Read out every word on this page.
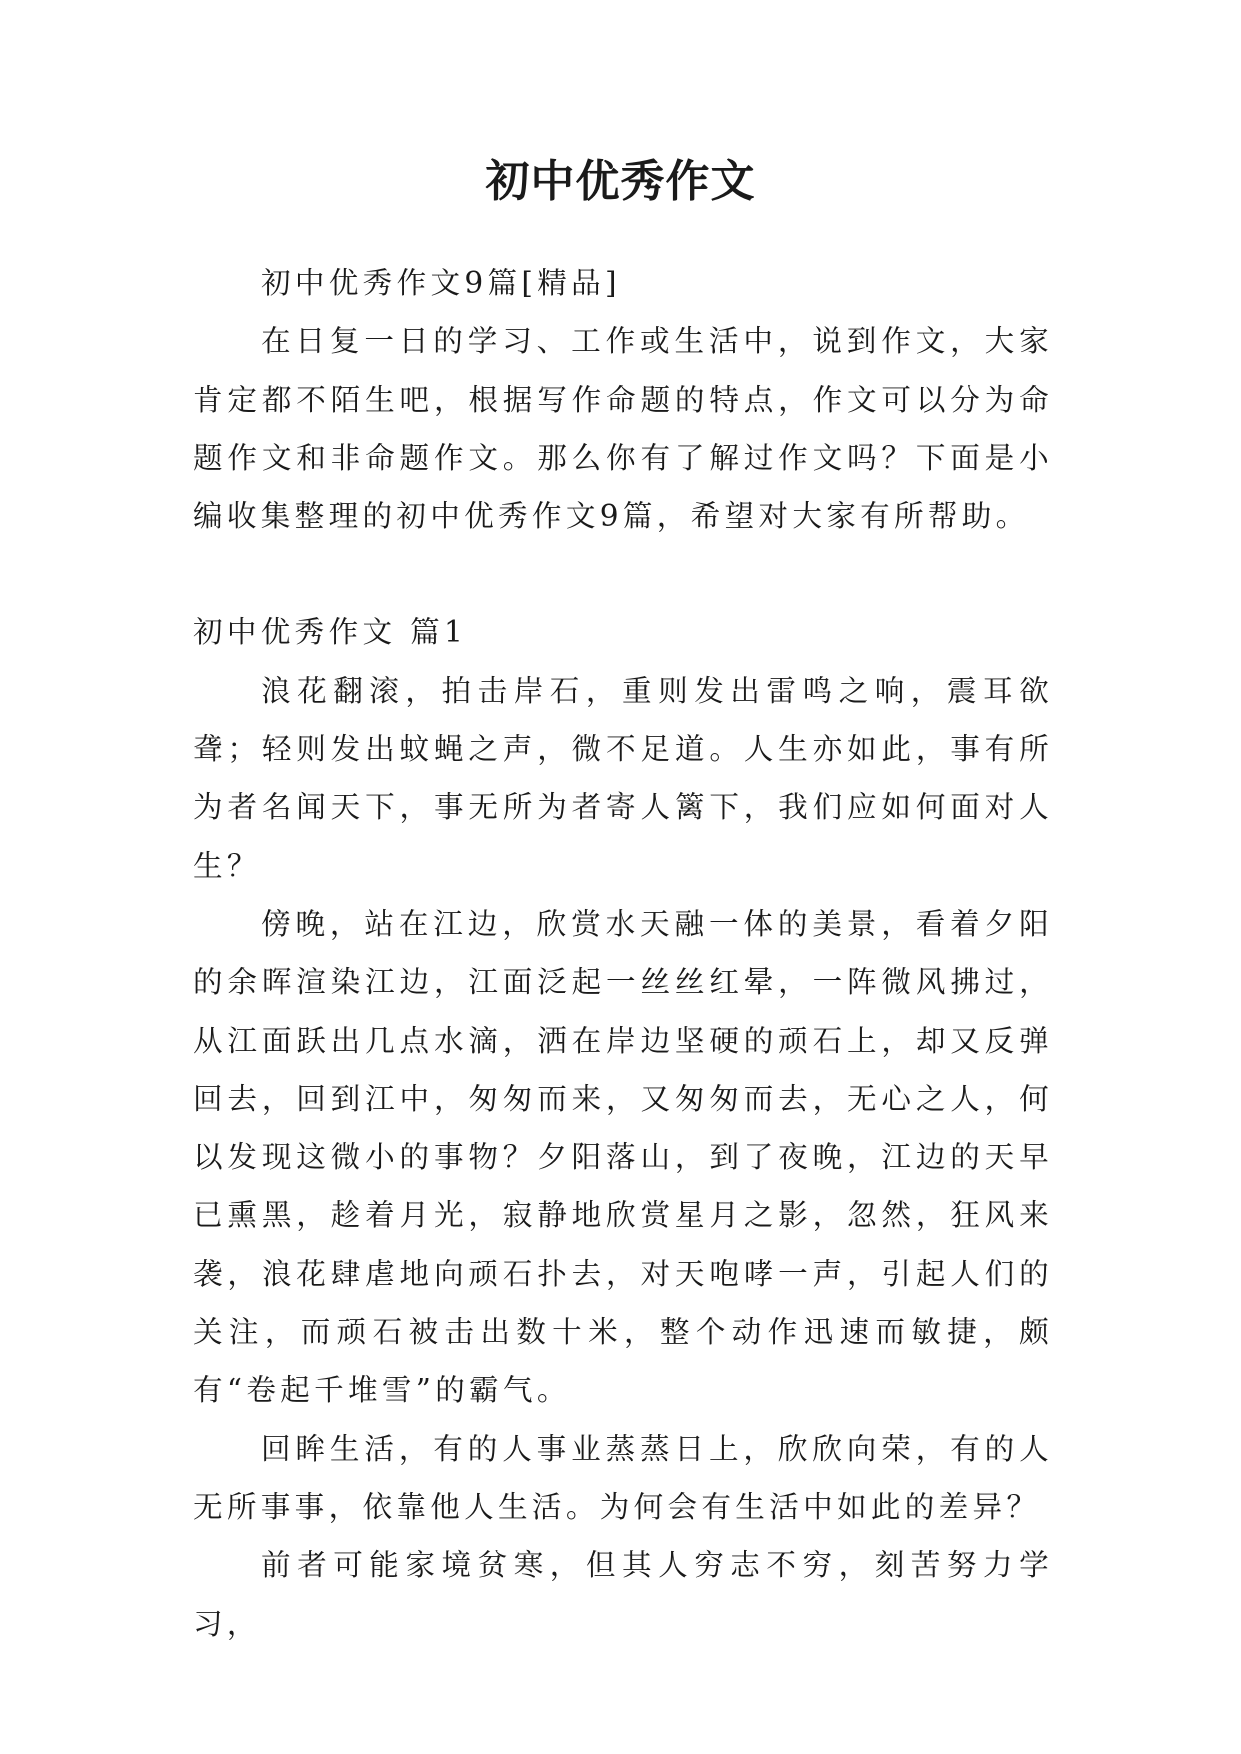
初中优秀作文

初中优秀作文9篇[精品]

在日复一日的学习、工作或生活中，说到作文，大家肯定都不陌生吧，根据写作命题的特点，作文可以分为命题作文和非命题作文。那么你有了解过作文吗？下面是小编收集整理的初中优秀作文9篇，希望对大家有所帮助。

初中优秀作文 篇1

浪花翻滚，拍击岸石，重则发出雷鸣之响，震耳欲聋；轻则发出蚊蝇之声，微不足道。人生亦如此，事有所为者名闻天下，事无所为者寄人篱下，我们应如何面对人生？

傍晚，站在江边，欣赏水天融一体的美景，看着夕阳的余晖渲染江边，江面泛起一丝丝红晕，一阵微风拂过，从江面跃出几点水滴，洒在岸边坚硬的顽石上，却又反弹回去，回到江中，匆匆而来，又匆匆而去，无心之人，何以发现这微小的事物？夕阳落山，到了夜晚，江边的天早已熏黑，趁着月光，寂静地欣赏星月之影，忽然，狂风来袭，浪花肆虐地向顽石扑去，对天咆哮一声，引起人们的关注，而顽石被击出数十米，整个动作迅速而敏捷，颇有“卷起千堆雪”的霸气。

回眸生活，有的人事业蒸蒸日上，欣欣向荣，有的人无所事事，依靠他人生活。为何会有生活中如此的差异？

前者可能家境贫寒，但其人穷志不穷，刻苦努力学习，
